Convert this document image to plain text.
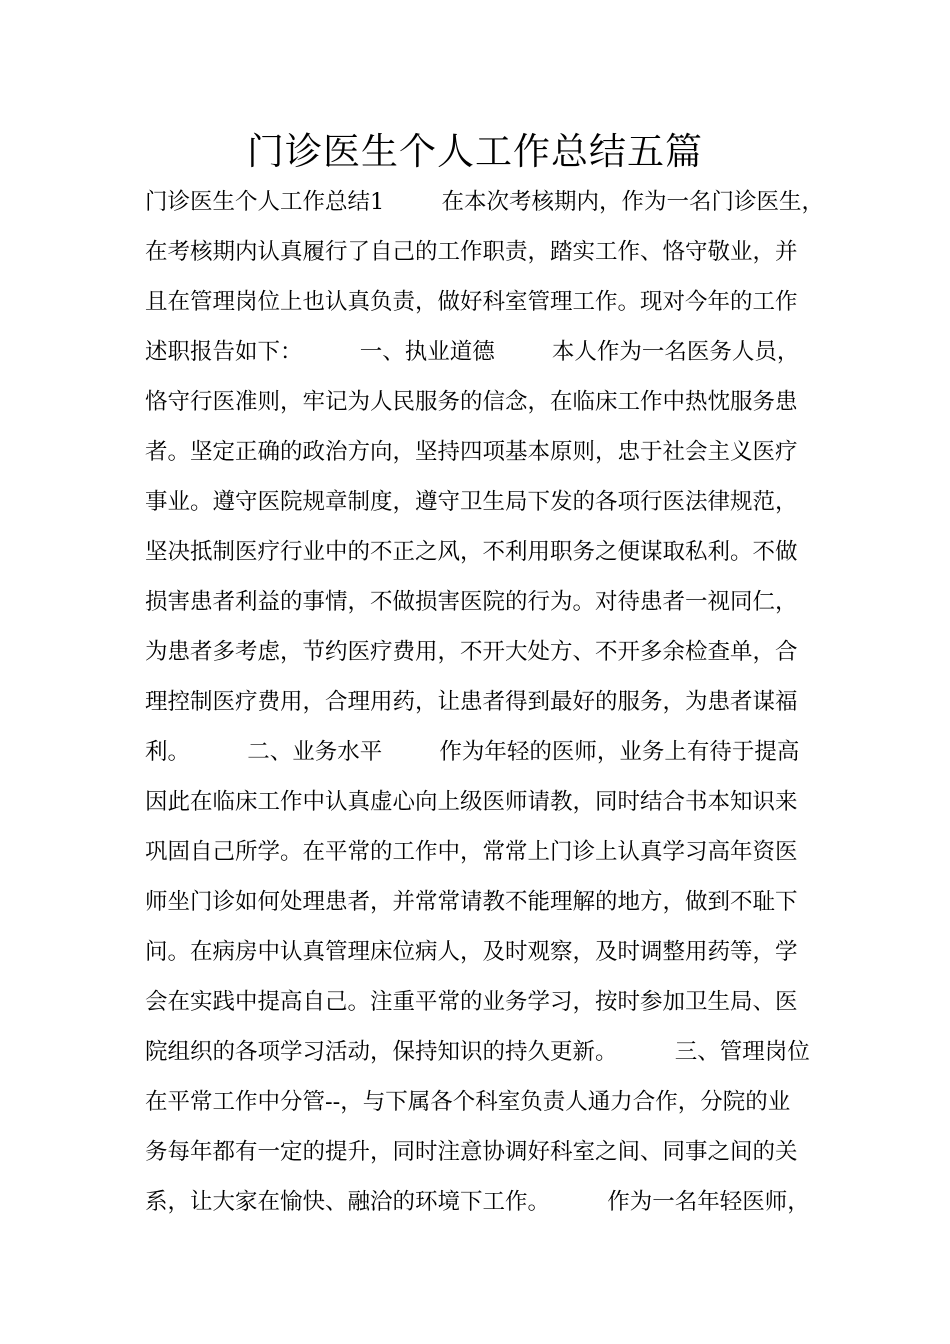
门诊医生个人工作总结五篇
门诊医生个人工作总结1        在本次考核期内，作为一名门诊医生，
在考核期内认真履行了自己的工作职责，踏实工作、恪守敬业，并
且在管理岗位上也认真负责，做好科室管理工作。现对今年的工作
述职报告如下：        一、执业道德        本人作为一名医务人员，
恪守行医准则，牢记为人民服务的信念，在临床工作中热忱服务患
者。坚定正确的政治方向，坚持四项基本原则，忠于社会主义医疗
事业。遵守医院规章制度，遵守卫生局下发的各项行医法律规范，
坚决抵制医疗行业中的不正之风，不利用职务之便谋取私利。不做
损害患者利益的事情，不做损害医院的行为。对待患者一视同仁，
为患者多考虑，节约医疗费用，不开大处方、不开多余检查单，合
理控制医疗费用，合理用药，让患者得到最好的服务，为患者谋福
利。        二、业务水平        作为年轻的医师，业务上有待于提高
因此在临床工作中认真虚心向上级医师请教，同时结合书本知识来
巩固自己所学。在平常的工作中，常常上门诊上认真学习高年资医
师坐门诊如何处理患者，并常常请教不能理解的地方，做到不耻下
问。在病房中认真管理床位病人，及时观察，及时调整用药等，学
会在实践中提高自己。注重平常的业务学习，按时参加卫生局、医
院组织的各项学习活动，保持知识的持久更新。        三、管理岗位
在平常工作中分管--，与下属各个科室负责人通力合作，分院的业
务每年都有一定的提升，同时注意协调好科室之间、同事之间的关
系，让大家在愉快、融洽的环境下工作。        作为一名年轻医师，
